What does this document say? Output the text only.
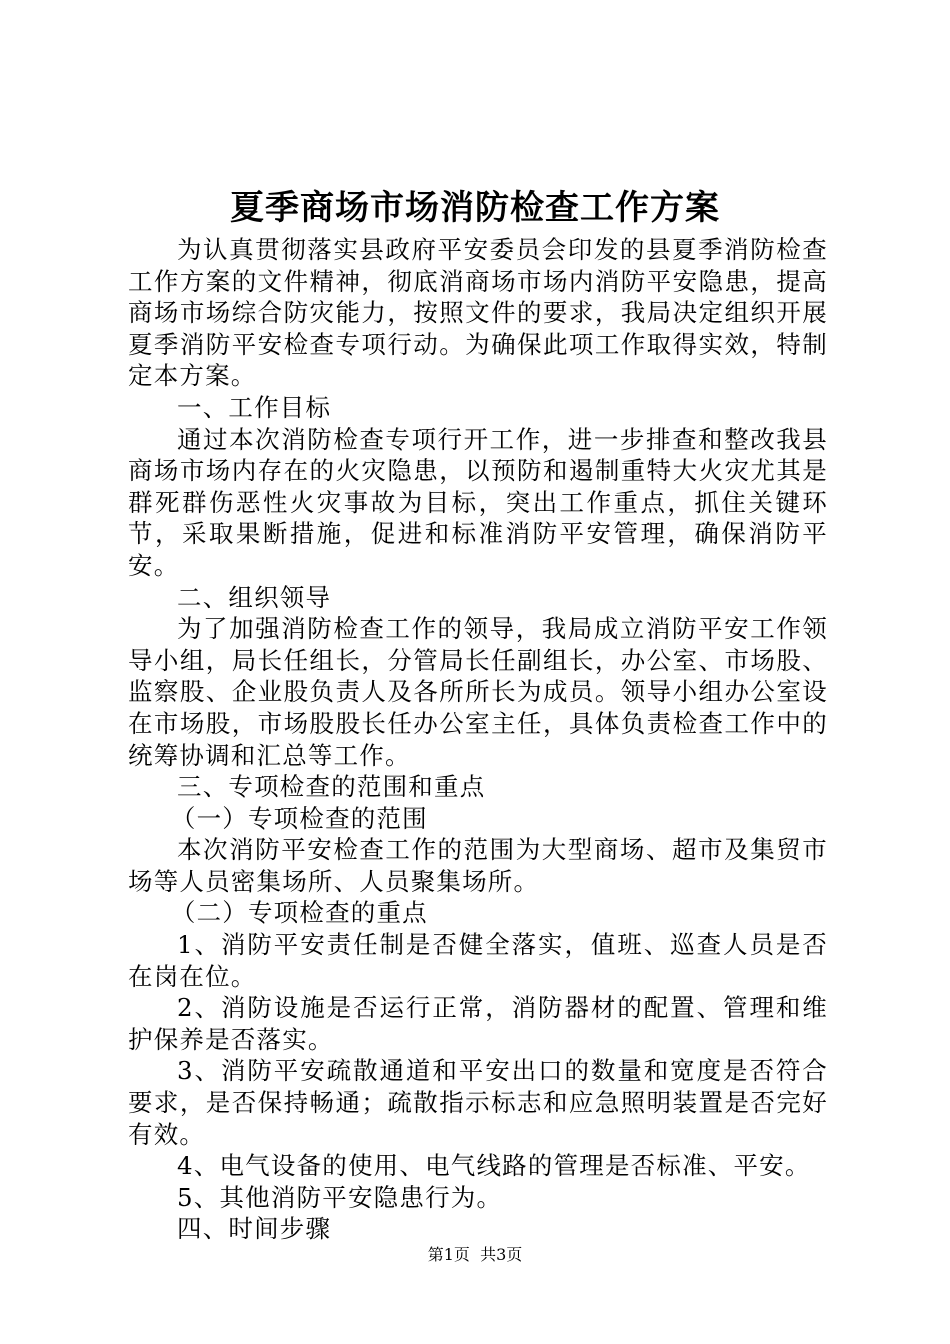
夏季商场市场消防检查工作方案

为认真贯彻落实县政府平安委员会印发的县夏季消防检查工作方案的文件精神，彻底消商场市场内消防平安隐患，提高商场市场综合防灾能力，按照文件的要求，我局决定组织开展夏季消防平安检查专项行动。为确保此项工作取得实效，特制定本方案。

一、工作目标

通过本次消防检查专项行开工作，进一步排查和整改我县商场市场内存在的火灾隐患，以预防和遏制重特大火灾尤其是群死群伤恶性火灾事故为目标，突出工作重点，抓住关键环节，采取果断措施，促进和标准消防平安管理，确保消防平安。

二、组织领导

为了加强消防检查工作的领导，我局成立消防平安工作领导小组，局长任组长，分管局长任副组长，办公室、市场股、监察股、企业股负责人及各所所长为成员。领导小组办公室设在市场股，市场股股长任办公室主任，具体负责检查工作中的统筹协调和汇总等工作。

三、专项检查的范围和重点

（一）专项检查的范围

本次消防平安检查工作的范围为大型商场、超市及集贸市场等人员密集场所、人员聚集场所。

（二）专项检查的重点

1、消防平安责任制是否健全落实，值班、巡查人员是否在岗在位。

2、消防设施是否运行正常，消防器材的配置、管理和维护保养是否落实。

3、消防平安疏散通道和平安出口的数量和宽度是否符合要求，是否保持畅通；疏散指示标志和应急照明装置是否完好有效。

4、电气设备的使用、电气线路的管理是否标准、平安。

5、其他消防平安隐患行为。

四、时间步骤

第1页 共3页
